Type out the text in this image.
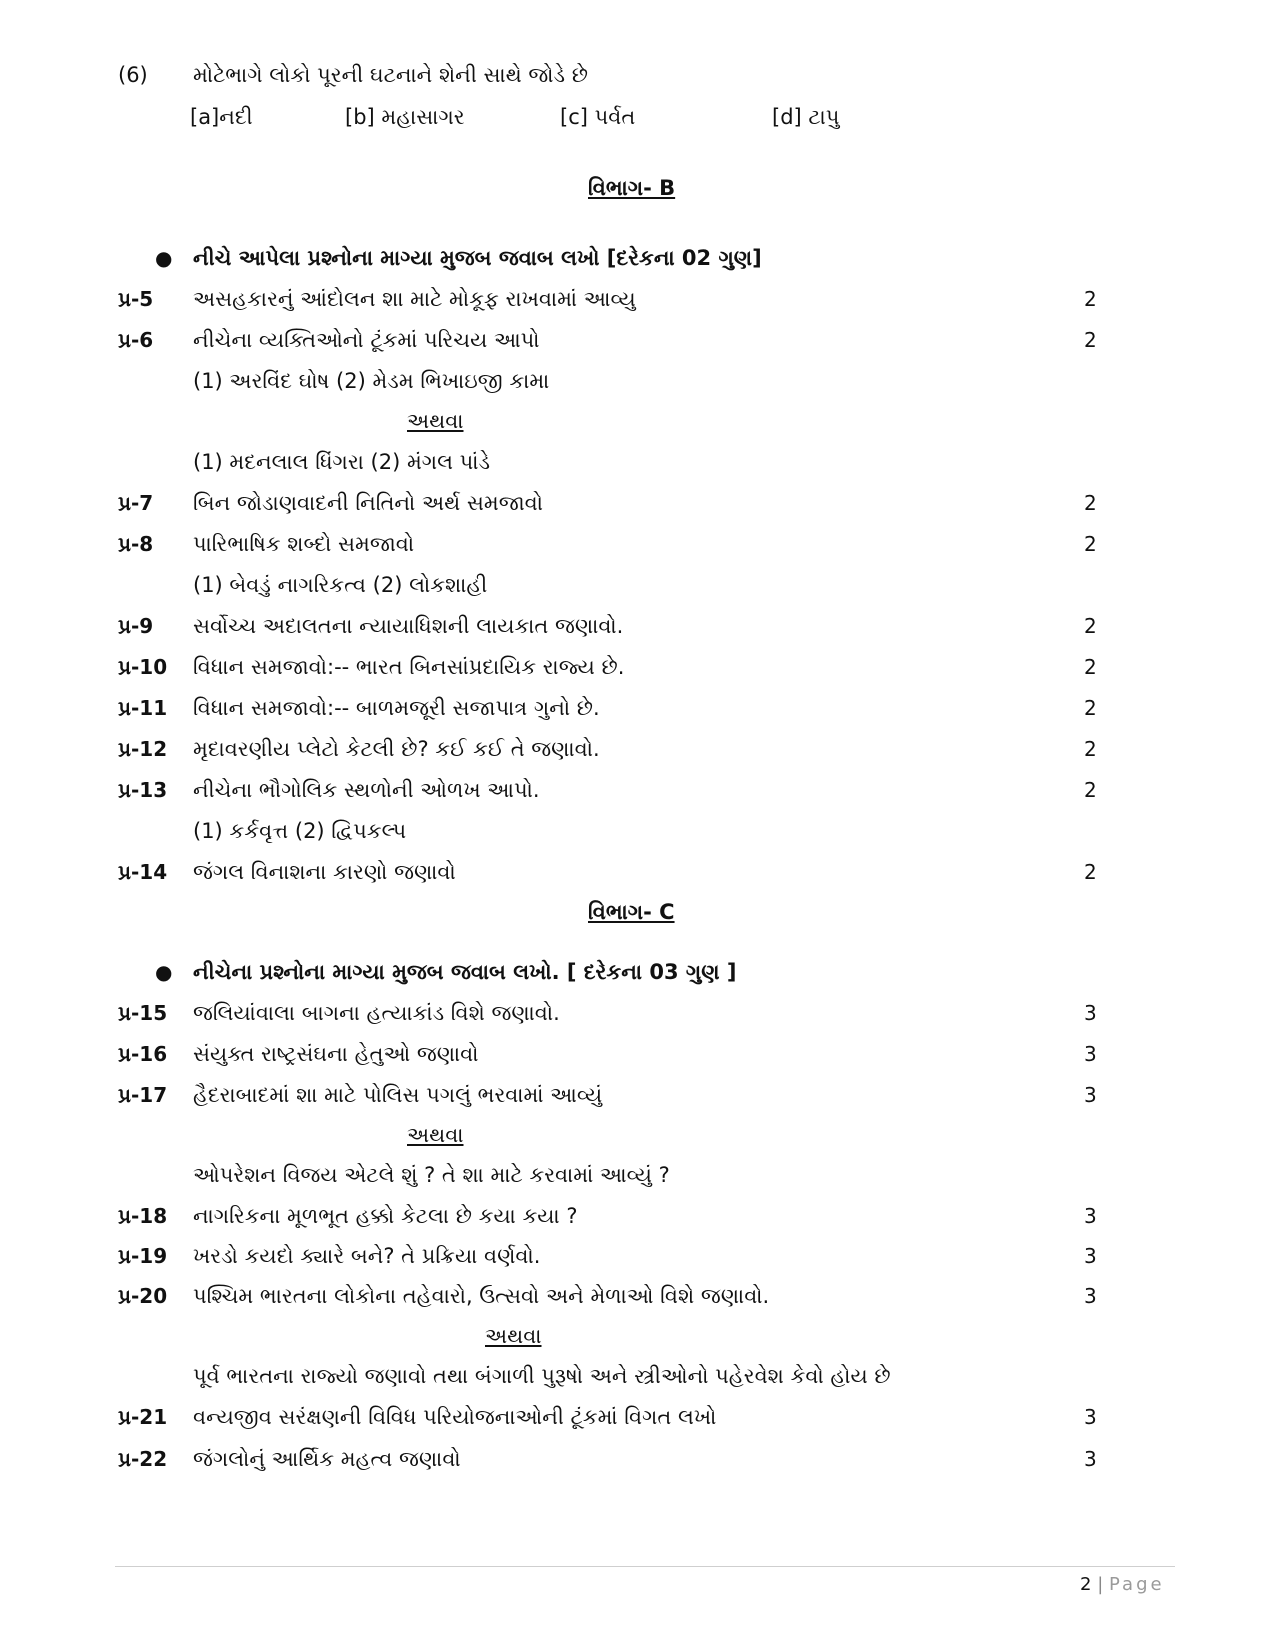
(6) મોટેભાગે લોકો પૂરની ઘટનાને શેની સાથે જોડે છે
[a]નદી	[b] મહાસાગર	[c] પર્વત	[d] ટાપુ
વિભાગ- B
● નીચે આપેલા પ્રશ્નોના માગ્યા મુજબ જવાબ લખો [દરેકના 02 ગુણ]
પ્ર-5 અસહકારનું આંદોલન શા માટે મોકૂફ રાખવામાં આવ્યુ	2
પ્ર-6 નીચેના વ્યક્તિઓનો ટૂંકમાં પરિચય આપો	2
(1) અરવિંદ ઘોષ (2) મેડમ ભિખાઇજી કામા
અથવા
(1) મદનલાલ ધિંગરા (2) મંગલ પાંડે
પ્ર-7 બિન જોડાણવાદની નિતિનો અર્થ સમજાવો	2
પ્ર-8 પારિભાષિક શબ્દો સમજાવો	2
(1) બેવડું નાગરિકત્વ (2) લોકશાહી
પ્ર-9 સર્વોચ્ચ અદાલતના ન્યાયાધિશની લાયકાત જણાવો.	2
પ્ર-10 વિધાન સમજાવો:-- ભારત બિનસાંપ્રદાયિક રાજ્ય છે.	2
પ્ર-11 વિધાન સમજાવો:-- બાળમજૂરી સજાપાત્ર ગુનો છે.	2
પ્ર-12 મૃદાવરણીય પ્લેટો કેટલી છે? કઈ કઈ તે જણાવો.	2
પ્ર-13 નીચેના ભૌગોલિક સ્થળોની ઓળખ આપો.	2
(1) કર્કવૃત્ત (2) દ્વિપકલ્પ
પ્ર-14 જંગલ વિનાશના કારણો જણાવો	2
વિભાગ- C
● નીચેના પ્રશ્નોના માગ્યા મુજબ જવાબ લખો. [ દરેકના 03 ગુણ ]
પ્ર-15 જલિયાંવાલા બાગના હત્યાકાંડ વિશે જણાવો.	3
પ્ર-16 સંયુક્ત રાષ્ટ્રસંઘના હેતુઓ જણાવો	3
પ્ર-17 હૈદરાબાદમાં શા માટે પોલિસ પગલું ભરવામાં આવ્યું	3
અથવા
ઓપરેશન વિજય એટલે શું ? તે શા માટે કરવામાં આવ્યું ?
પ્ર-18 નાગરિકના મૂળભૂત હક્કો કેટલા છે કયા કયા ?	3
પ્ર-19 ખરડો કયદો ક્યારે બને? તે પ્રક્રિયા વર્ણવો.	3
પ્ર-20 પશ્ચિમ ભારતના લોકોના તહેવારો, ઉત્સવો અને મેળાઓ વિશે જણાવો.	3
અથવા
પૂર્વ ભારતના રાજ્યો જણાવો તથા બંગાળી પુરૂષો અને સ્ત્રીઓનો પહેરવેશ કેવો હોય છે
પ્ર-21 વન્યજીવ સરંક્ષણની વિવિધ પરિયોજનાઓની ટૂંકમાં વિગત લખો	3
પ્ર-22 જંગલોનું આર્થિક મહત્વ જણાવો	3
2 | Page
